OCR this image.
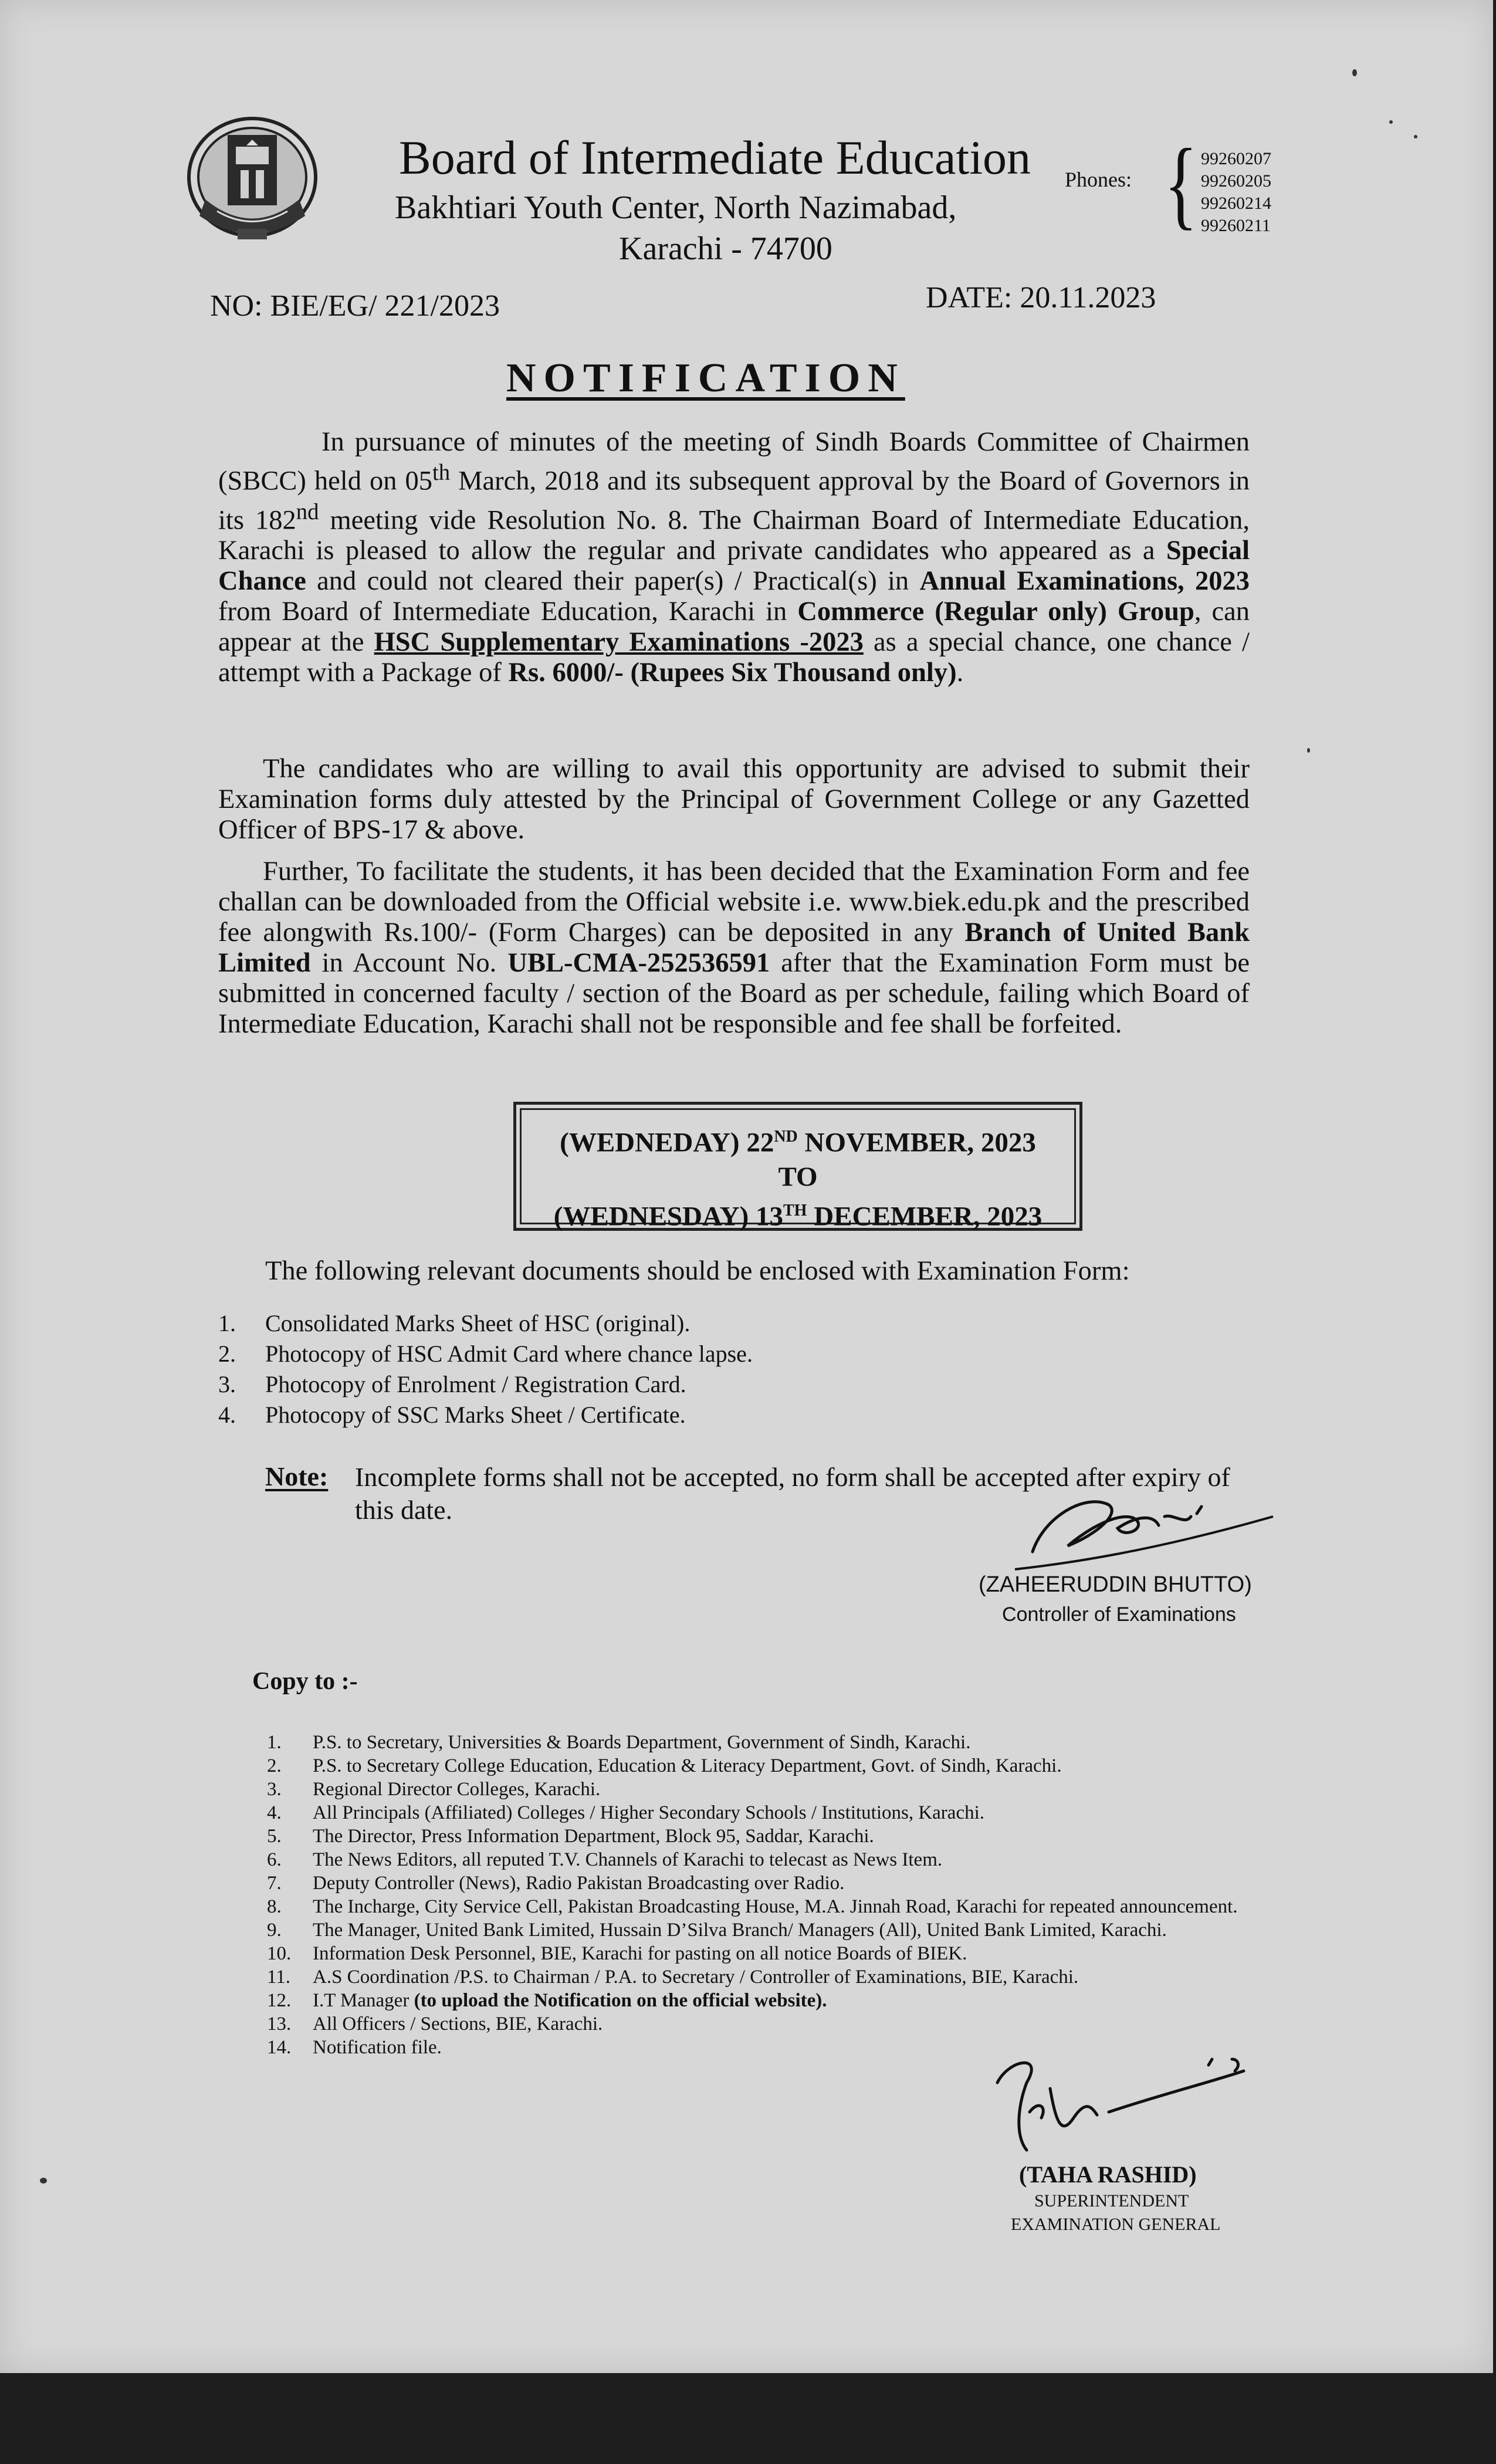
Board of Intermediate Education
Bakhtiari Youth Center, North Nazimabad,
Karachi - 74700
Phones: { 99260207
99260205
99260214
99260211
NO: BIE/EG/ 221/2023	DATE: 20.11.2023
NOTIFICATION
In pursuance of minutes of the meeting of Sindh Boards Committee of Chairmen (SBCC) held on 05th March, 2018 and its subsequent approval by the Board of Governors in its 182nd meeting vide Resolution No. 8. The Chairman Board of Intermediate Education, Karachi is pleased to allow the regular and private candidates who appeared as a Special Chance and could not cleared their paper(s) / Practical(s) in Annual Examinations, 2023 from Board of Intermediate Education, Karachi in Commerce (Regular only) Group, can appear at the HSC Supplementary Examinations -2023 as a special chance, one chance / attempt with a Package of Rs. 6000/- (Rupees Six Thousand only).
The candidates who are willing to avail this opportunity are advised to submit their Examination forms duly attested by the Principal of Government College or any Gazetted Officer of BPS-17 & above.
Further, To facilitate the students, it has been decided that the Examination Form and fee challan can be downloaded from the Official website i.e. www.biek.edu.pk and the prescribed fee alongwith Rs.100/- (Form Charges) can be deposited in any Branch of United Bank Limited in Account No. UBL-CMA-252536591 after that the Examination Form must be submitted in concerned faculty / section of the Board as per schedule, failing which Board of Intermediate Education, Karachi shall not be responsible and fee shall be forfeited.
(WEDNEDAY) 22ND NOVEMBER, 2023
TO
(WEDNESDAY) 13TH DECEMBER, 2023
The following relevant documents should be enclosed with Examination Form:
1. Consolidated Marks Sheet of HSC (original).
2. Photocopy of HSC Admit Card where chance lapse.
3. Photocopy of Enrolment / Registration Card.
4. Photocopy of SSC Marks Sheet / Certificate.
Note: Incomplete forms shall not be accepted, no form shall be accepted after expiry of this date.
(ZAHEERUDDIN BHUTTO)
Controller of Examinations
Copy to :-
1. P.S. to Secretary, Universities & Boards Department, Government of Sindh, Karachi.
2. P.S. to Secretary College Education, Education & Literacy Department, Govt. of Sindh, Karachi.
3. Regional Director Colleges, Karachi.
4. All Principals (Affiliated) Colleges / Higher Secondary Schools / Institutions, Karachi.
5. The Director, Press Information Department, Block 95, Saddar, Karachi.
6. The News Editors, all reputed T.V. Channels of Karachi to telecast as News Item.
7. Deputy Controller (News), Radio Pakistan Broadcasting over Radio.
8. The Incharge, City Service Cell, Pakistan Broadcasting House, M.A. Jinnah Road, Karachi for repeated announcement.
9. The Manager, United Bank Limited, Hussain D’Silva Branch/ Managers (All), United Bank Limited, Karachi.
10. Information Desk Personnel, BIE, Karachi for pasting on all notice Boards of BIEK.
11. A.S Coordination /P.S. to Chairman / P.A. to Secretary / Controller of Examinations, BIE, Karachi.
12. I.T Manager (to upload the Notification on the official website).
13. All Officers / Sections, BIE, Karachi.
14. Notification file.
(TAHA RASHID)
SUPERINTENDENT
EXAMINATION GENERAL
